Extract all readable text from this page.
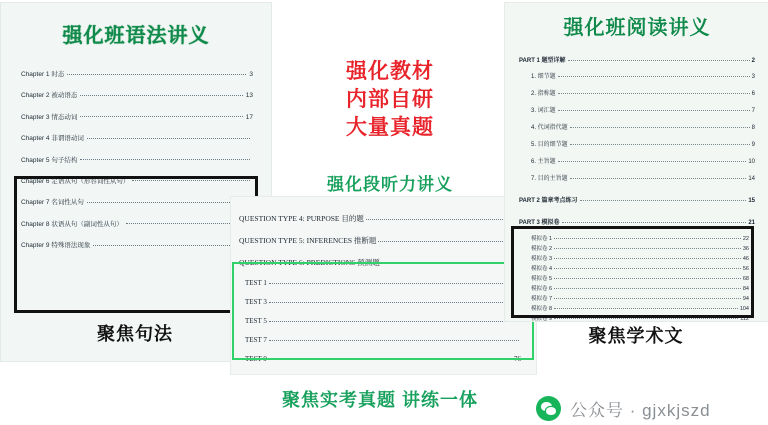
强化班语法讲义
Chapter 1 时态	3
Chapter 2 被动语态	13
Chapter 3 情态动词	17
Chapter 4 非谓语动词
Chapter 5 句子结构
Chapter 6 定语从句（形容词性从句）
Chapter 7 名词性从句
Chapter 8 状语从句（副词性从句）
Chapter 9 特殊语法现象
聚焦句法
强化教材
内部自研
大量真题
强化段听力讲义
QUESTION TYPE 4: PURPOSE 目的题
QUESTION TYPE 5: INFERENCES 推断题
QUESTION TYPE 6: PREDICTIONS 预测题
TEST 1
TEST 3
TEST 5
TEST 7
TEST 9	76
聚焦实考真题 讲练一体
强化班阅读讲义
PART 1 题型详解	2
1. 细节题	3
2. 指称题	6
3. 词汇题	7
4. 代词指代题	8
5. 目的细节题	9
6. 主旨题	10
7. 目的主旨题	14
PART 2 篇章考点练习	15
PART 3 模拟卷	21
模拟卷 1	22
模拟卷 2	36
模拟卷 3	46
模拟卷 4	56
模拟卷 5	68
模拟卷 6	84
模拟卷 7	94
模拟卷 8	104
模拟卷 9	112
聚焦学术文
公众号 · gjxkjszd
